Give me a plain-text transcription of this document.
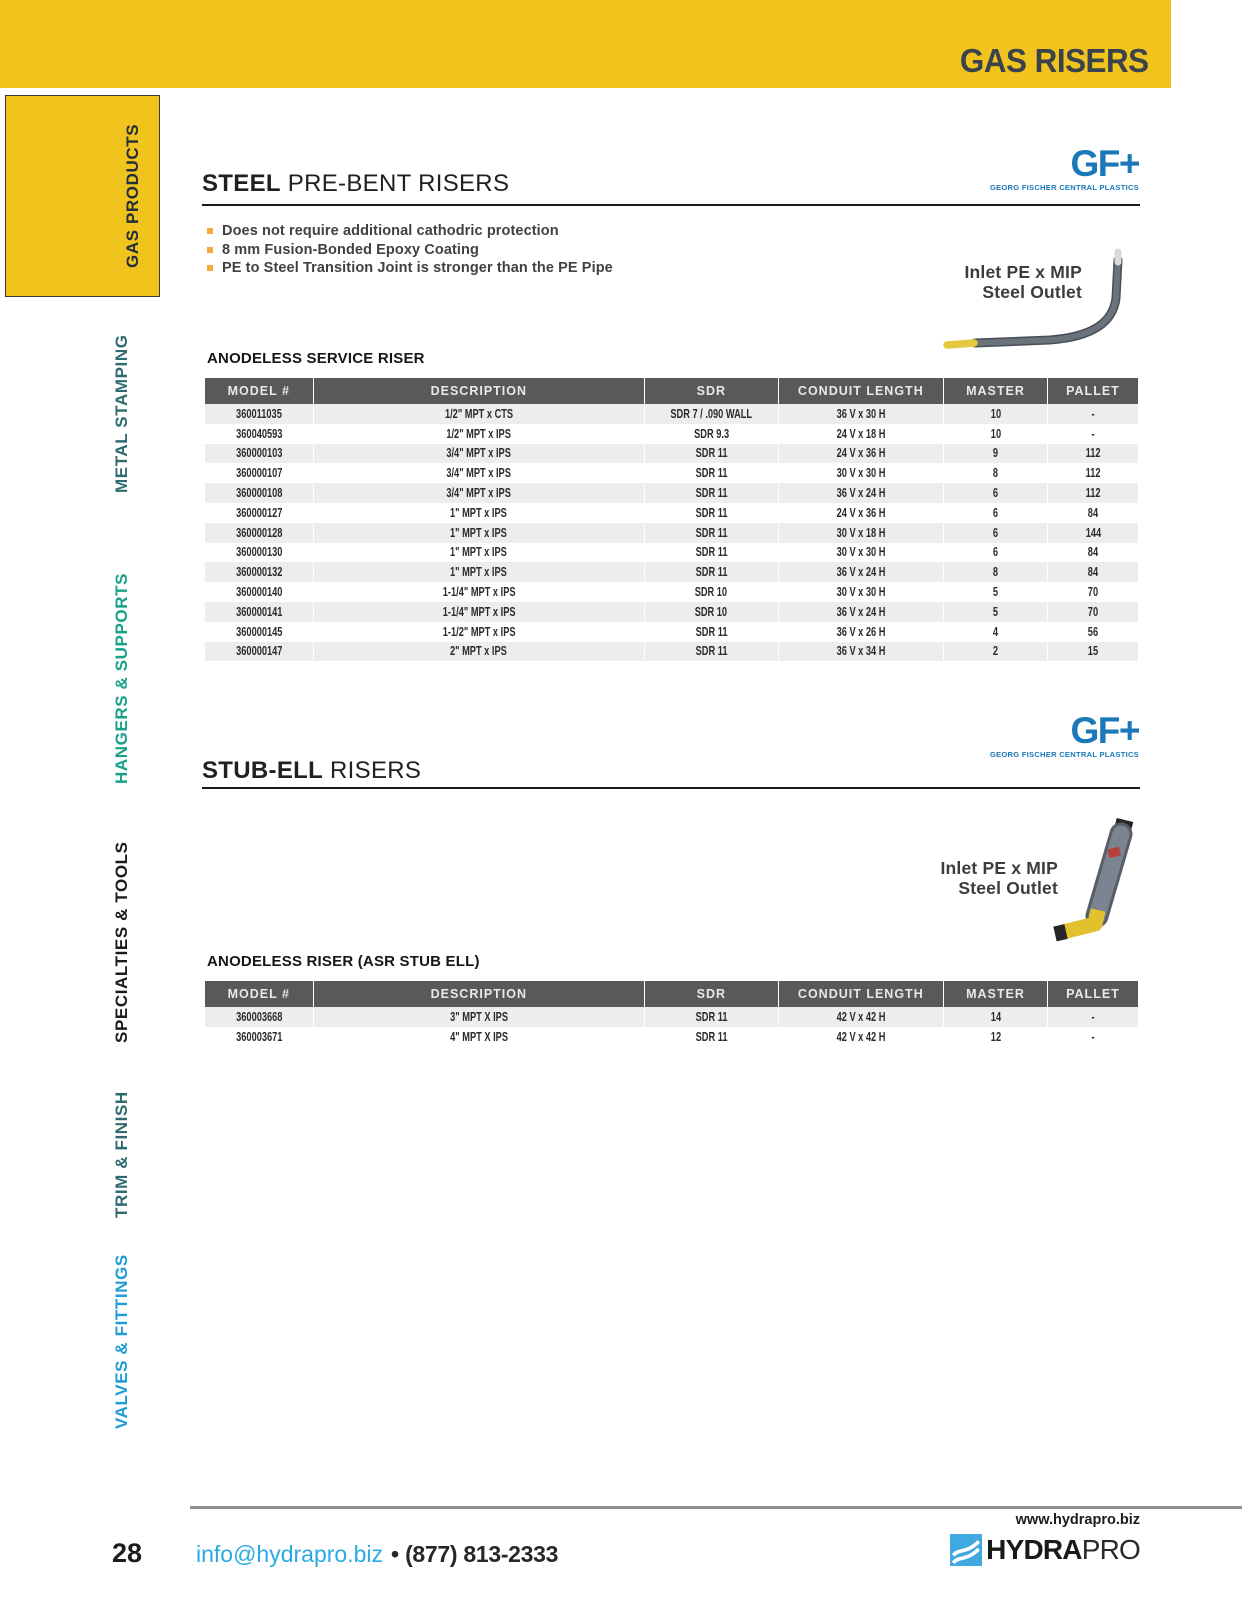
GAS RISERS
GAS PRODUCTS
METAL STAMPING
HANGERS & SUPPORTS
SPECIALTIES & TOOLS
TRIM & FINISH
VALVES & FITTINGS
GF+
GEORG FISCHER CENTRAL PLASTICS
STEEL PRE-BENT RISERS
Does not require additional cathodric protection
8 mm Fusion-Bonded Epoxy Coating
PE to Steel Transition Joint is stronger than the PE Pipe	Inlet PE x MIP
Steel Outlet
ANODELESS SERVICE RISER
MODEL #	DESCRIPTION	SDR	CONDUIT LENGTH	MASTER	PALLET
360011035	1/2" MPT x CTS	SDR 7 / .090 WALL	36 V x 30 H	10	-
360040593	1/2" MPT x IPS	SDR 9.3	24 V x 18 H	10	-
360000103	3/4" MPT x IPS	SDR 11	24 V x 36 H	9	112
360000107	3/4" MPT x IPS	SDR 11	30 V x 30 H	8	112
360000108	3/4" MPT x IPS	SDR 11	36 V x 24 H	6	112
360000127	1" MPT x IPS	SDR 11	24 V x 36 H	6	84
360000128	1" MPT x IPS	SDR 11	30 V x 18 H	6	144
360000130	1" MPT x IPS	SDR 11	30 V x 30 H	6	84
360000132	1" MPT x IPS	SDR 11	36 V x 24 H	8	84
360000140	1-1/4" MPT x IPS	SDR 10	30 V x 30 H	5	70
360000141	1-1/4" MPT x IPS	SDR 10	36 V x 24 H	5	70
360000145	1-1/2" MPT x IPS	SDR 11	36 V x 26 H	4	56
360000147	2" MPT x IPS	SDR 11	36 V x 34 H	2	15
GF+
GEORG FISCHER CENTRAL PLASTICS
STUB-ELL RISERS
Inlet PE x MIP
Steel Outlet
ANODELESS RISER (ASR STUB ELL)
MODEL #	DESCRIPTION	SDR	CONDUIT LENGTH	MASTER	PALLET
360003668	3" MPT X IPS	SDR 11	42 V x 42 H	14	-
360003671	4" MPT X IPS	SDR 11	42 V x 42 H	12	-
28 info@hydrapro.biz • (877) 813-2333
www.hydrapro.biz
HYDRAPRO
